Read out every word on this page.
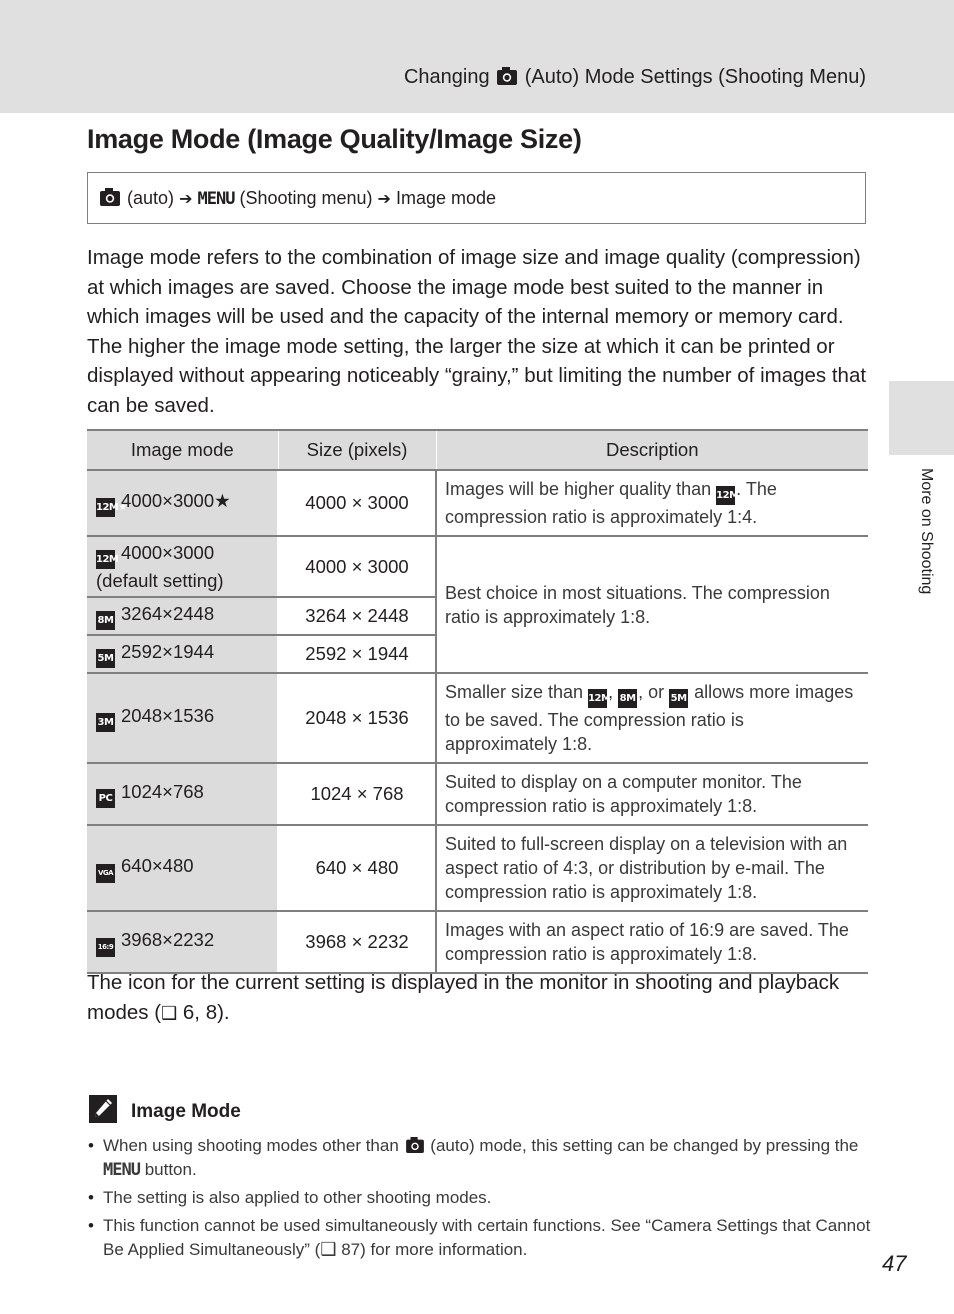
Changing (Auto) Mode Settings (Shooting Menu)
Image Mode (Image Quality/Image Size)
(auto) ➔ MENU (Shooting menu) ➔ Image mode

Image mode refers to the combination of image size and image quality (compression) at which images are saved. Choose the image mode best suited to the manner in which images will be used and the capacity of the internal memory or memory card. The higher the image mode setting, the larger the size at which it can be printed or displayed without appearing noticeably “grainy,” but limiting the number of images that can be saved.

Image mode	Size (pixels)	Description
12M★4000×3000★	4000 × 3000	Images will be higher quality than 12M. The compression ratio is approximately 1:4.
12M 4000×3000
(default setting)	4000 × 3000	Best choice in most situations. The compression ratio is approximately 1:8.
8M 3264×2448	3264 × 2448	
5M 2592×1944	2592 × 1944	
3M 2048×1536	2048 × 1536	Smaller size than 12M, 8M , or 5M allows more images to be saved. The compression ratio is approximately 1:8.
PC 1024×768	1024 × 768	Suited to display on a computer monitor. The compression ratio is approximately 1:8.
VGA 640×480	640 × 480	Suited to full-screen display on a television with an aspect ratio of 4:3, or distribution by e-mail. The compression ratio is approximately 1:8.
16:9 3968×2232	3968 × 2232	Images with an aspect ratio of 16:9 are saved. The compression ratio is approximately 1:8.

The icon for the current setting is displayed in the monitor in shooting and playback modes (❑ 6, 8).

More on Shooting
Image Mode
• When using shooting modes other than (auto) mode, this setting can be changed by pressing the MENU button.
• The setting is also applied to other shooting modes.
• This function cannot be used simultaneously with certain functions. See “Camera Settings that Cannot Be Applied Simultaneously” (❑ 87) for more information.
47
